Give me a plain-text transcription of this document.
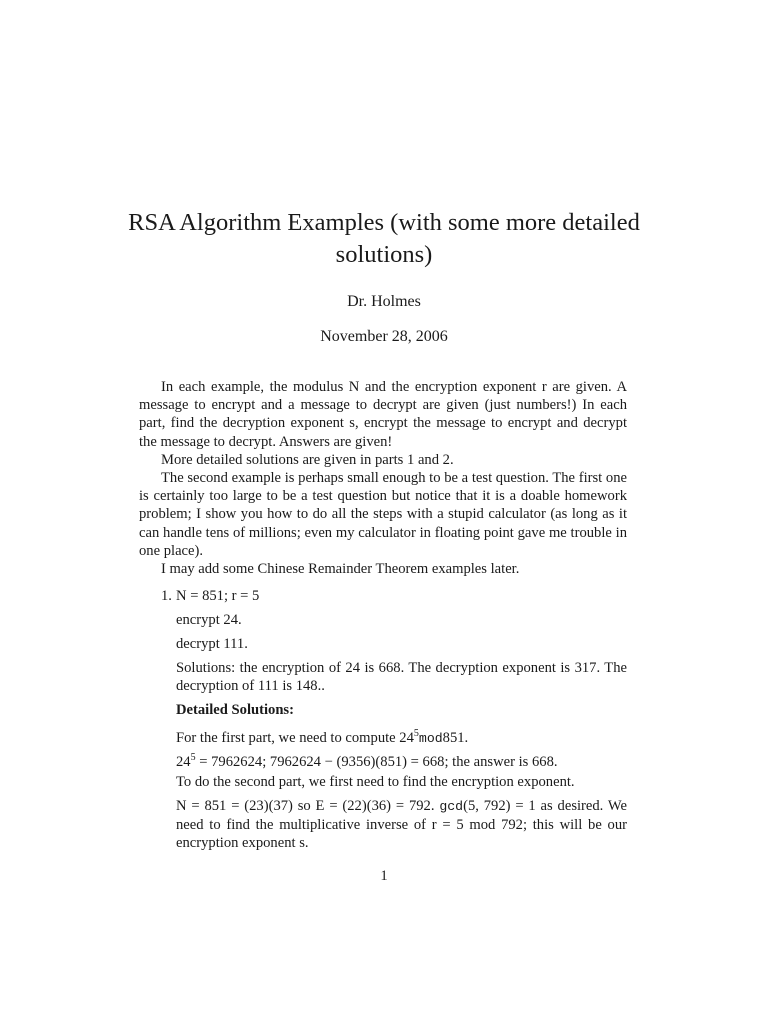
RSA Algorithm Examples (with some more detailed solutions)
Dr. Holmes
November 28, 2006

In each example, the modulus N and the encryption exponent r are given. A message to encrypt and a message to decrypt are given (just numbers!) In each part, find the decryption exponent s, encrypt the message to encrypt and decrypt the message to decrypt. Answers are given!

More detailed solutions are given in parts 1 and 2.

The second example is perhaps small enough to be a test question. The first one is certainly too large to be a test question but notice that it is a doable homework problem; I show you how to do all the steps with a stupid calculator (as long as it can handle tens of millions; even my calculator in floating point gave me trouble in one place).

I may add some Chinese Remainder Theorem examples later.

1. N = 851; r = 5

encrypt 24.

decrypt 111.

Solutions: the encryption of 24 is 668. The decryption exponent is 317. The decryption of 111 is 148..

Detailed Solutions:

For the first part, we need to compute $24^5mod851$.

$24^5 = 7962624$; 7962624 − (9356)(851) = 668; the answer is 668.

To do the second part, we first need to find the encryption exponent.

N = 851 = (23)(37) so E = (22)(36) = 792. gcd(5, 792) = 1 as desired. We need to find the multiplicative inverse of r = 5 mod 792; this will be our encryption exponent s.

1
